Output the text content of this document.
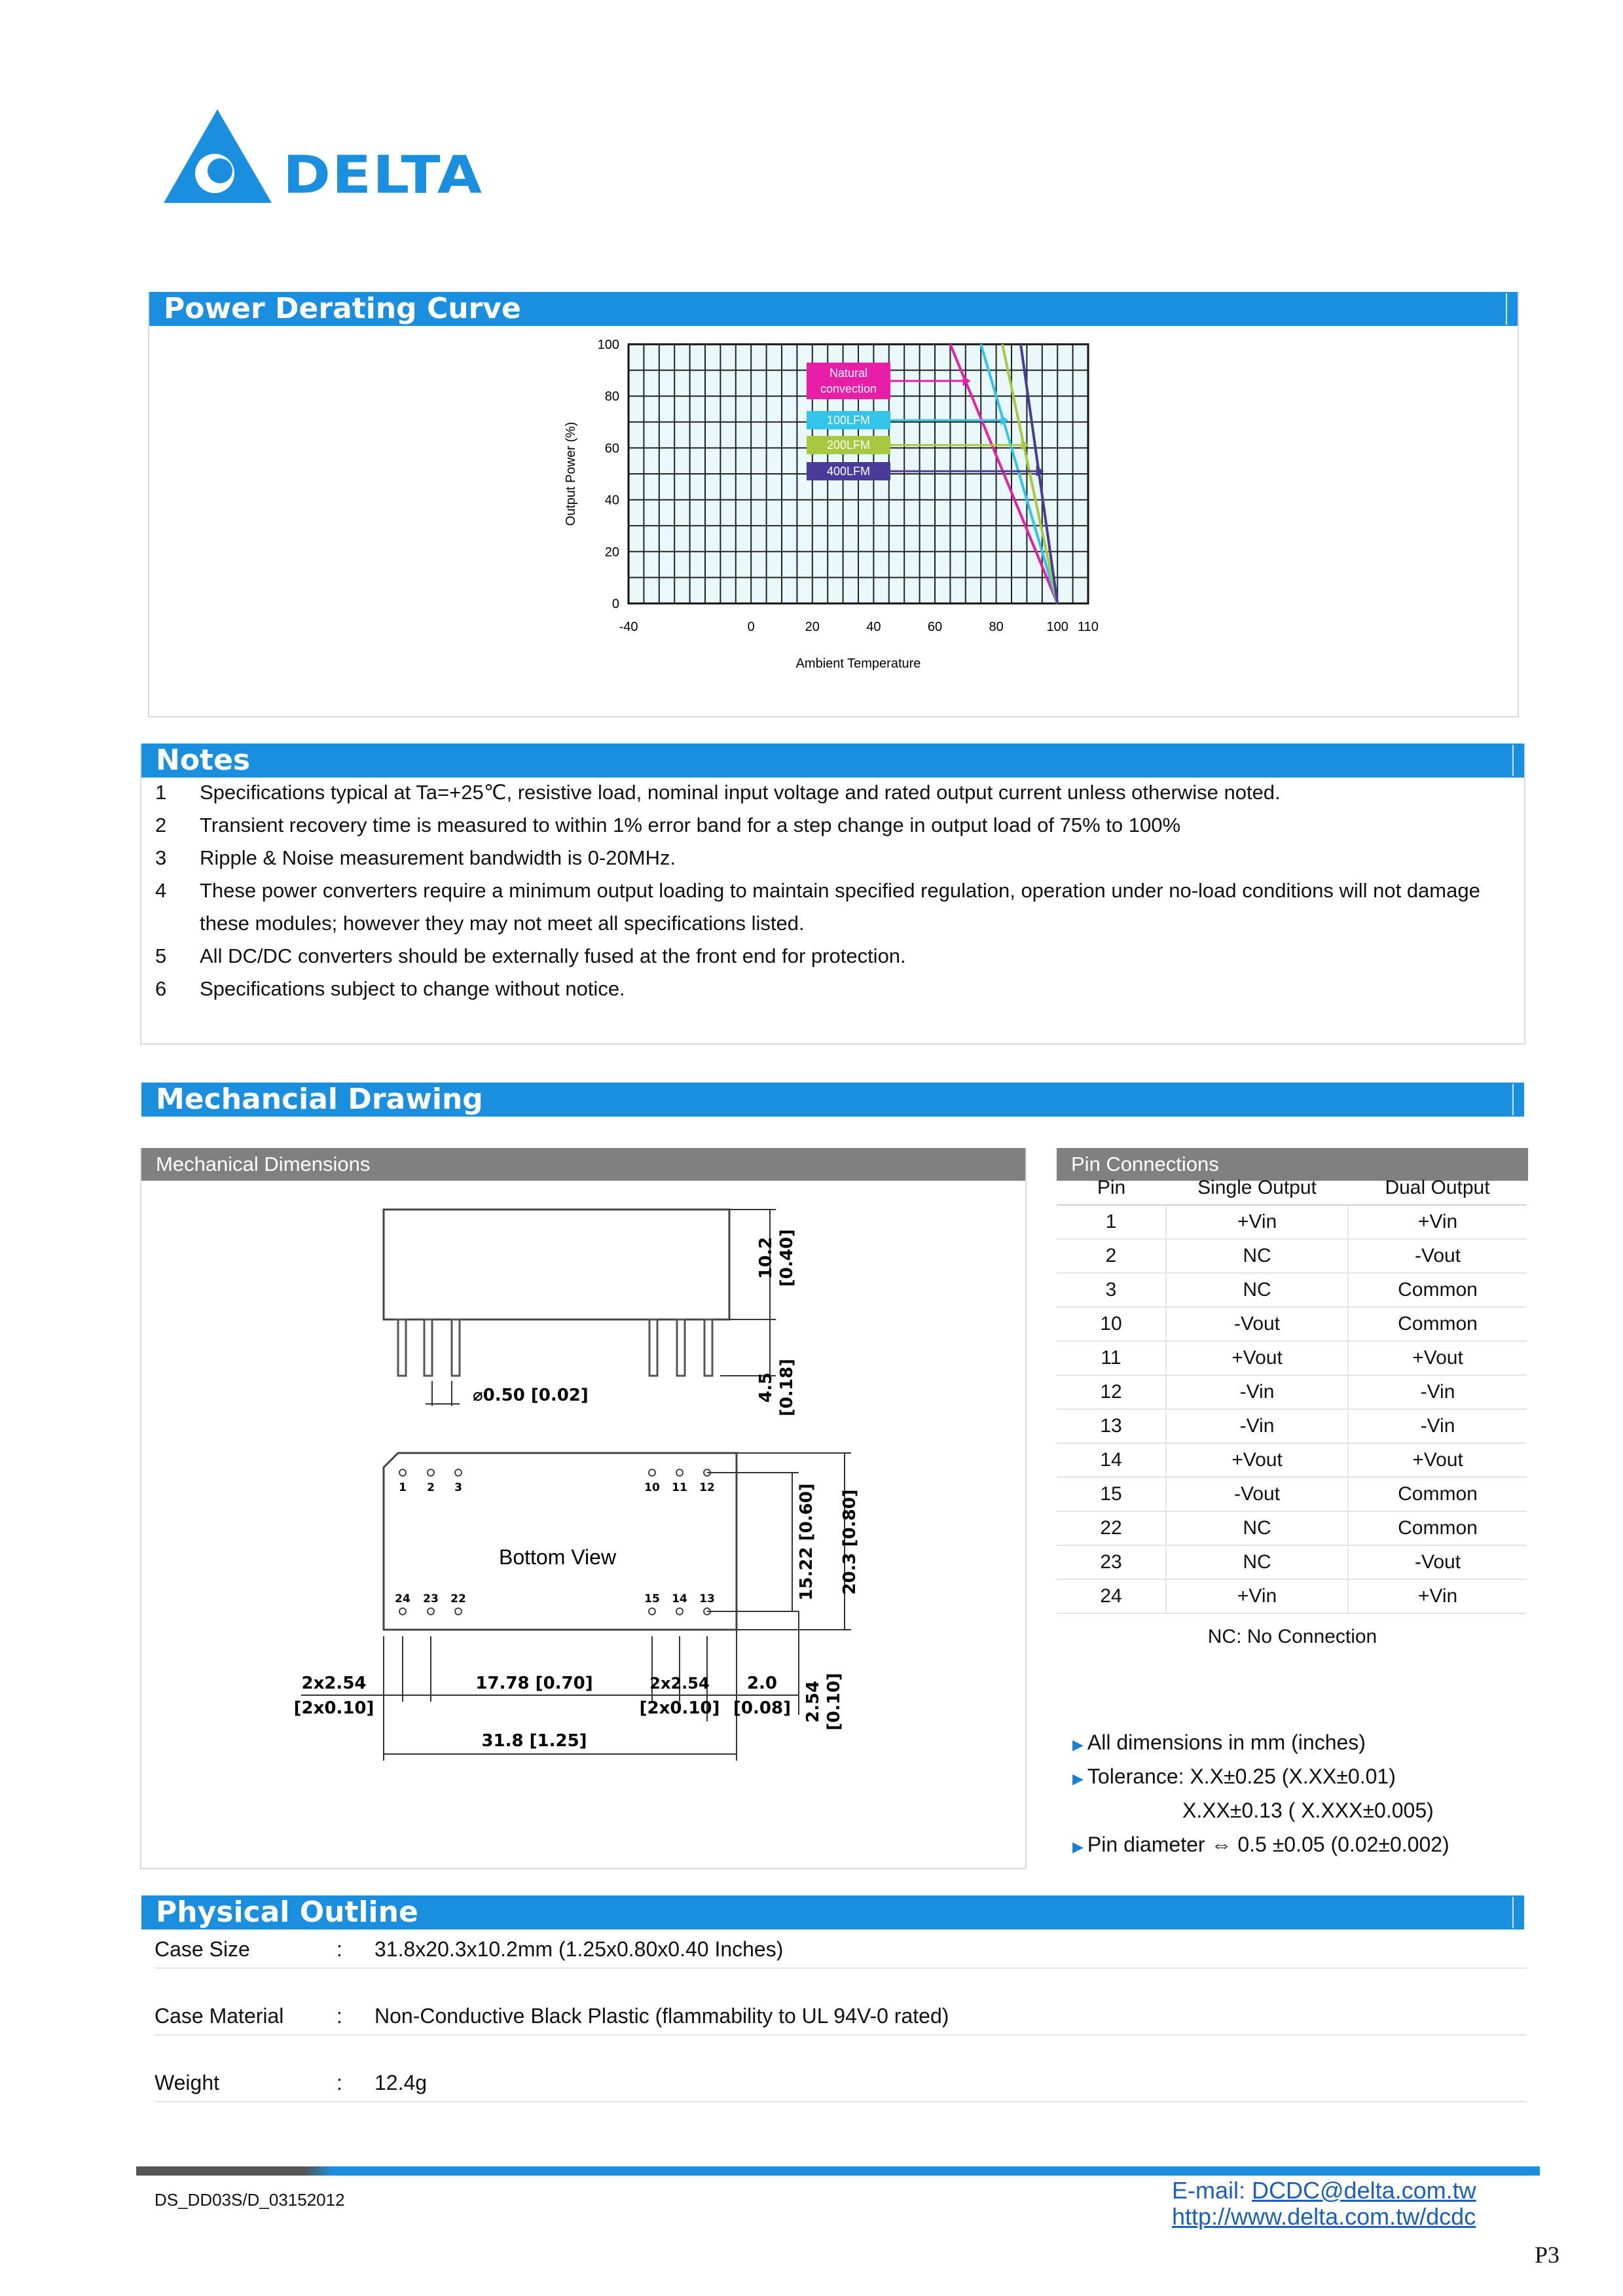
DELTA
Power Derating Curve
0
20
40
60
80
100
-40	0	20	40	60	80	100 110
Ambient Temperature
Output Power (%)
Natural
convection
100LFM
200LFM
400LFM
Notes
1	Specifications typical at Ta=+25℃, resistive load, nominal input voltage and rated output current unless otherwise noted.
2	Transient recovery time is measured to within 1% error band for a step change in output load of 75% to 100%
3	Ripple & Noise measurement bandwidth is 0-20MHz.
4	These power converters require a minimum output loading to maintain specified regulation, operation under no-load conditions will not damage these modules; however they may not meet all specifications listed.
5	All DC/DC converters should be externally fused at the front end for protection.
6	Specifications subject to change without notice.
Mechancial Drawing
Mechanical Dimensions
10.2 [0.40]
4.5 [0.18]
⌀0.50 [0.02]
1 2 3	10 11 12
24 23 22	15 14 13
Bottom View	15.22 [0.60] 20.3 [0.80]
2x2.54
[2x0.10]
17.78 [0.70]	2x2.54
[2x0.10]
2.0
[0.08] 2.54 [0.10]
31.8 [1.25]
Pin Connections
Pin	Single Output	Dual Output
1	+Vin	+Vin
2	NC	-Vout
3	NC	Common
10	-Vout	Common
11	+Vout	+Vout
12	-Vin	-Vin
13	-Vin	-Vin
14	+Vout	+Vout
15	-Vout	Common
22	NC	Common
23	NC	-Vout
24	+Vin	+Vin
NC: No Connection
▶ All dimensions in mm (inches)
▶ Tolerance: X.X±0.25 (X.XX±0.01)
X.XX±0.13 ( X.XXX±0.005)
▶ Pin diameter ⇔ 0.5 ±0.05 (0.02±0.002)
Physical Outline
Case Size	: 31.8x20.3x10.2mm (1.25x0.80x0.40 Inches)
Case Material	: Non-Conductive Black Plastic (flammability to UL 94V-0 rated)
Weight	: 12.4g
DS_DD03S/D_03152012	E-mail: DCDC@delta.com.tw
http://www.delta.com.tw/dcdc
P3
